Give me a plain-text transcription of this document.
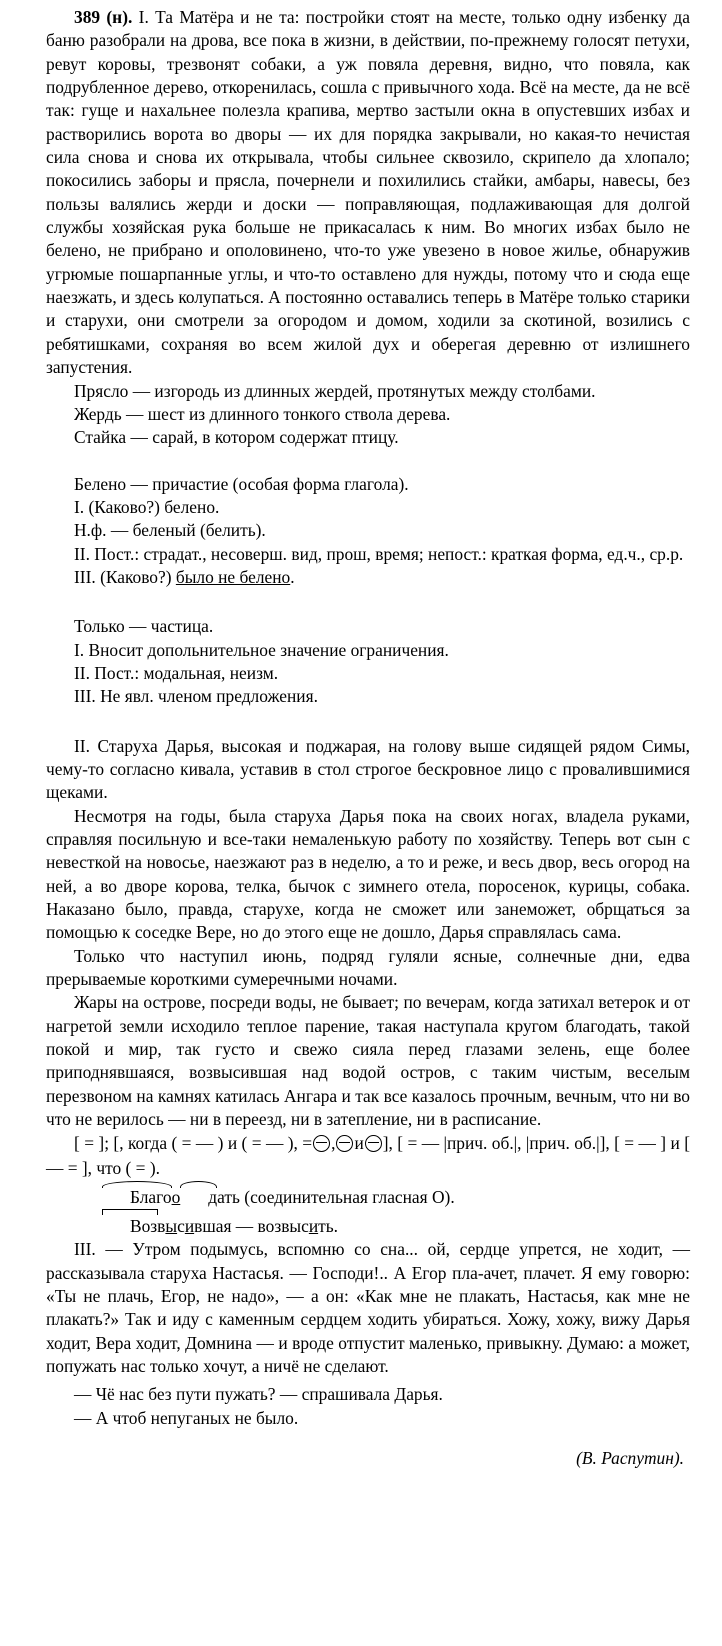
389 (н). I. Та Матёра и не та: постройки стоят на месте, только одну избенку да баню разобрали на дрова, все пока в жизни, в действии, по-прежнему голосят петухи, ревут коровы, трезвонят собаки, а уж повяла деревня, видно, что повяла, как подрубленное дерево, откоренилась, сошла с привычного хода. Всё на месте, да не всё так: гуще и нахальнее полезла крапива, мертво застыли окна в опустевших избах и растворились ворота во дворы — их для порядка закрывали, но какая-то нечистая сила снова и снова их открывала, чтобы сильнее сквозило, скрипело да хлопало; покосились заборы и прясла, почернели и похилились стайки, амбары, навесы, без пользы валялись жерди и доски — поправляющая, подлаживающая для долгой службы хозяйская рука больше не прикасалась к ним. Во многих избах было не белено, не прибрано и ополовинено, что-то уже увезено в новое жилье, обнаружив угрюмые пошарпанные углы, и что-то оставлено для нужды, потому что и сюда еще наезжать, и здесь колупаться. А постоянно оставались теперь в Матёре только старики и старухи, они смотрели за огородом и домом, ходили за скотиной, возились с ребятишками, сохраняя во всем жилой дух и оберегая деревню от излишнего запустения.

Прясло — изгородь из длинных жердей, протянутых между столбами.

Жердь — шест из длинного тонкого ствола дерева.

Стайка — сарай, в котором содержат птицу.

Белено — причастие (особая форма глагола).

I. (Каково?) белено.

Н.ф. — беленый (белить).

II. Пост.: страдат., несоверш. вид, прош, время; непост.: краткая форма, ед.ч., ср.р.

III. (Каково?) было не белено.

Только — частица.

I. Вносит допольнительное значение ограничения.

II. Пост.: модальная, неизм.

III. Не явл. членом предложения.

II. Старуха Дарья, высокая и поджарая, на голову выше сидящей рядом Симы, чему-то согласно кивала, уставив в стол строгое бескровное лицо с провалившимися щеками.

Несмотря на годы, была старуха Дарья пока на своих ногах, владела руками, справляя посильную и все-таки немаленькую работу по хозяйству. Теперь вот сын с невесткой на новосье, наезжают раз в неделю, а то и реже, и весь двор, весь огород на ней, а во дворе корова, телка, бычок с зимнего отела, поросенок, курицы, собака. Наказано было, правда, старухе, когда не сможет или занеможет, обрщаться за помощью к соседке Вере, но до этого еще не дошло, Дарья справлялась сама.

Только что наступил июнь, подряд гуляли ясные, солнечные дни, едва прерываемые короткими сумеречными ночами.

Жары на острове, посреди воды, не бывает; по вечерам, когда затихал ветерок и от нагретой земли исходило теплое парение, такая наступала кругом благодать, такой покой и мир, так густо и свежо сияла перед глазами зелень, еще более приподнявшаяся, возвысившая над водой остров, с таким чистым, веселым перезвоном на камнях катилась Ангара и так все казалось прочным, вечным, что ни во что не верилось — ни в переезд, ни в затепление, ни в расписание.

[ = ]; [, когда ( = — ) и ( = — ), = , и ], [ = — |прич. об.|, |прич. об.|], [ = — ] и [ — = ], что ( = ).

Благоо дать (соединительная гласная О).

Возвысившая — возвысить.

III. — Утром подымусь, вспомню со сна... ой, сердце упрется, не ходит, — рассказывала старуха Настасья. — Господи!.. А Егор пла-ачет, плачет. Я ему говорю: «Ты не плачь, Егор, не надо», — а он: «Как мне не плакать, Настасья, как мне не плакать?» Так и иду с каменным сердцем ходить убираться. Хожу, хожу, вижу Дарья ходит, Вера ходит, Домнина — и вроде отпустит маленько, привыкну. Думаю: а может, попужать нас только хочут, а ничё не сделают.

— Чё нас без пути пужать? — спрашивала Дарья.

— А чтоб непуганых не было.

(В. Распутин).
